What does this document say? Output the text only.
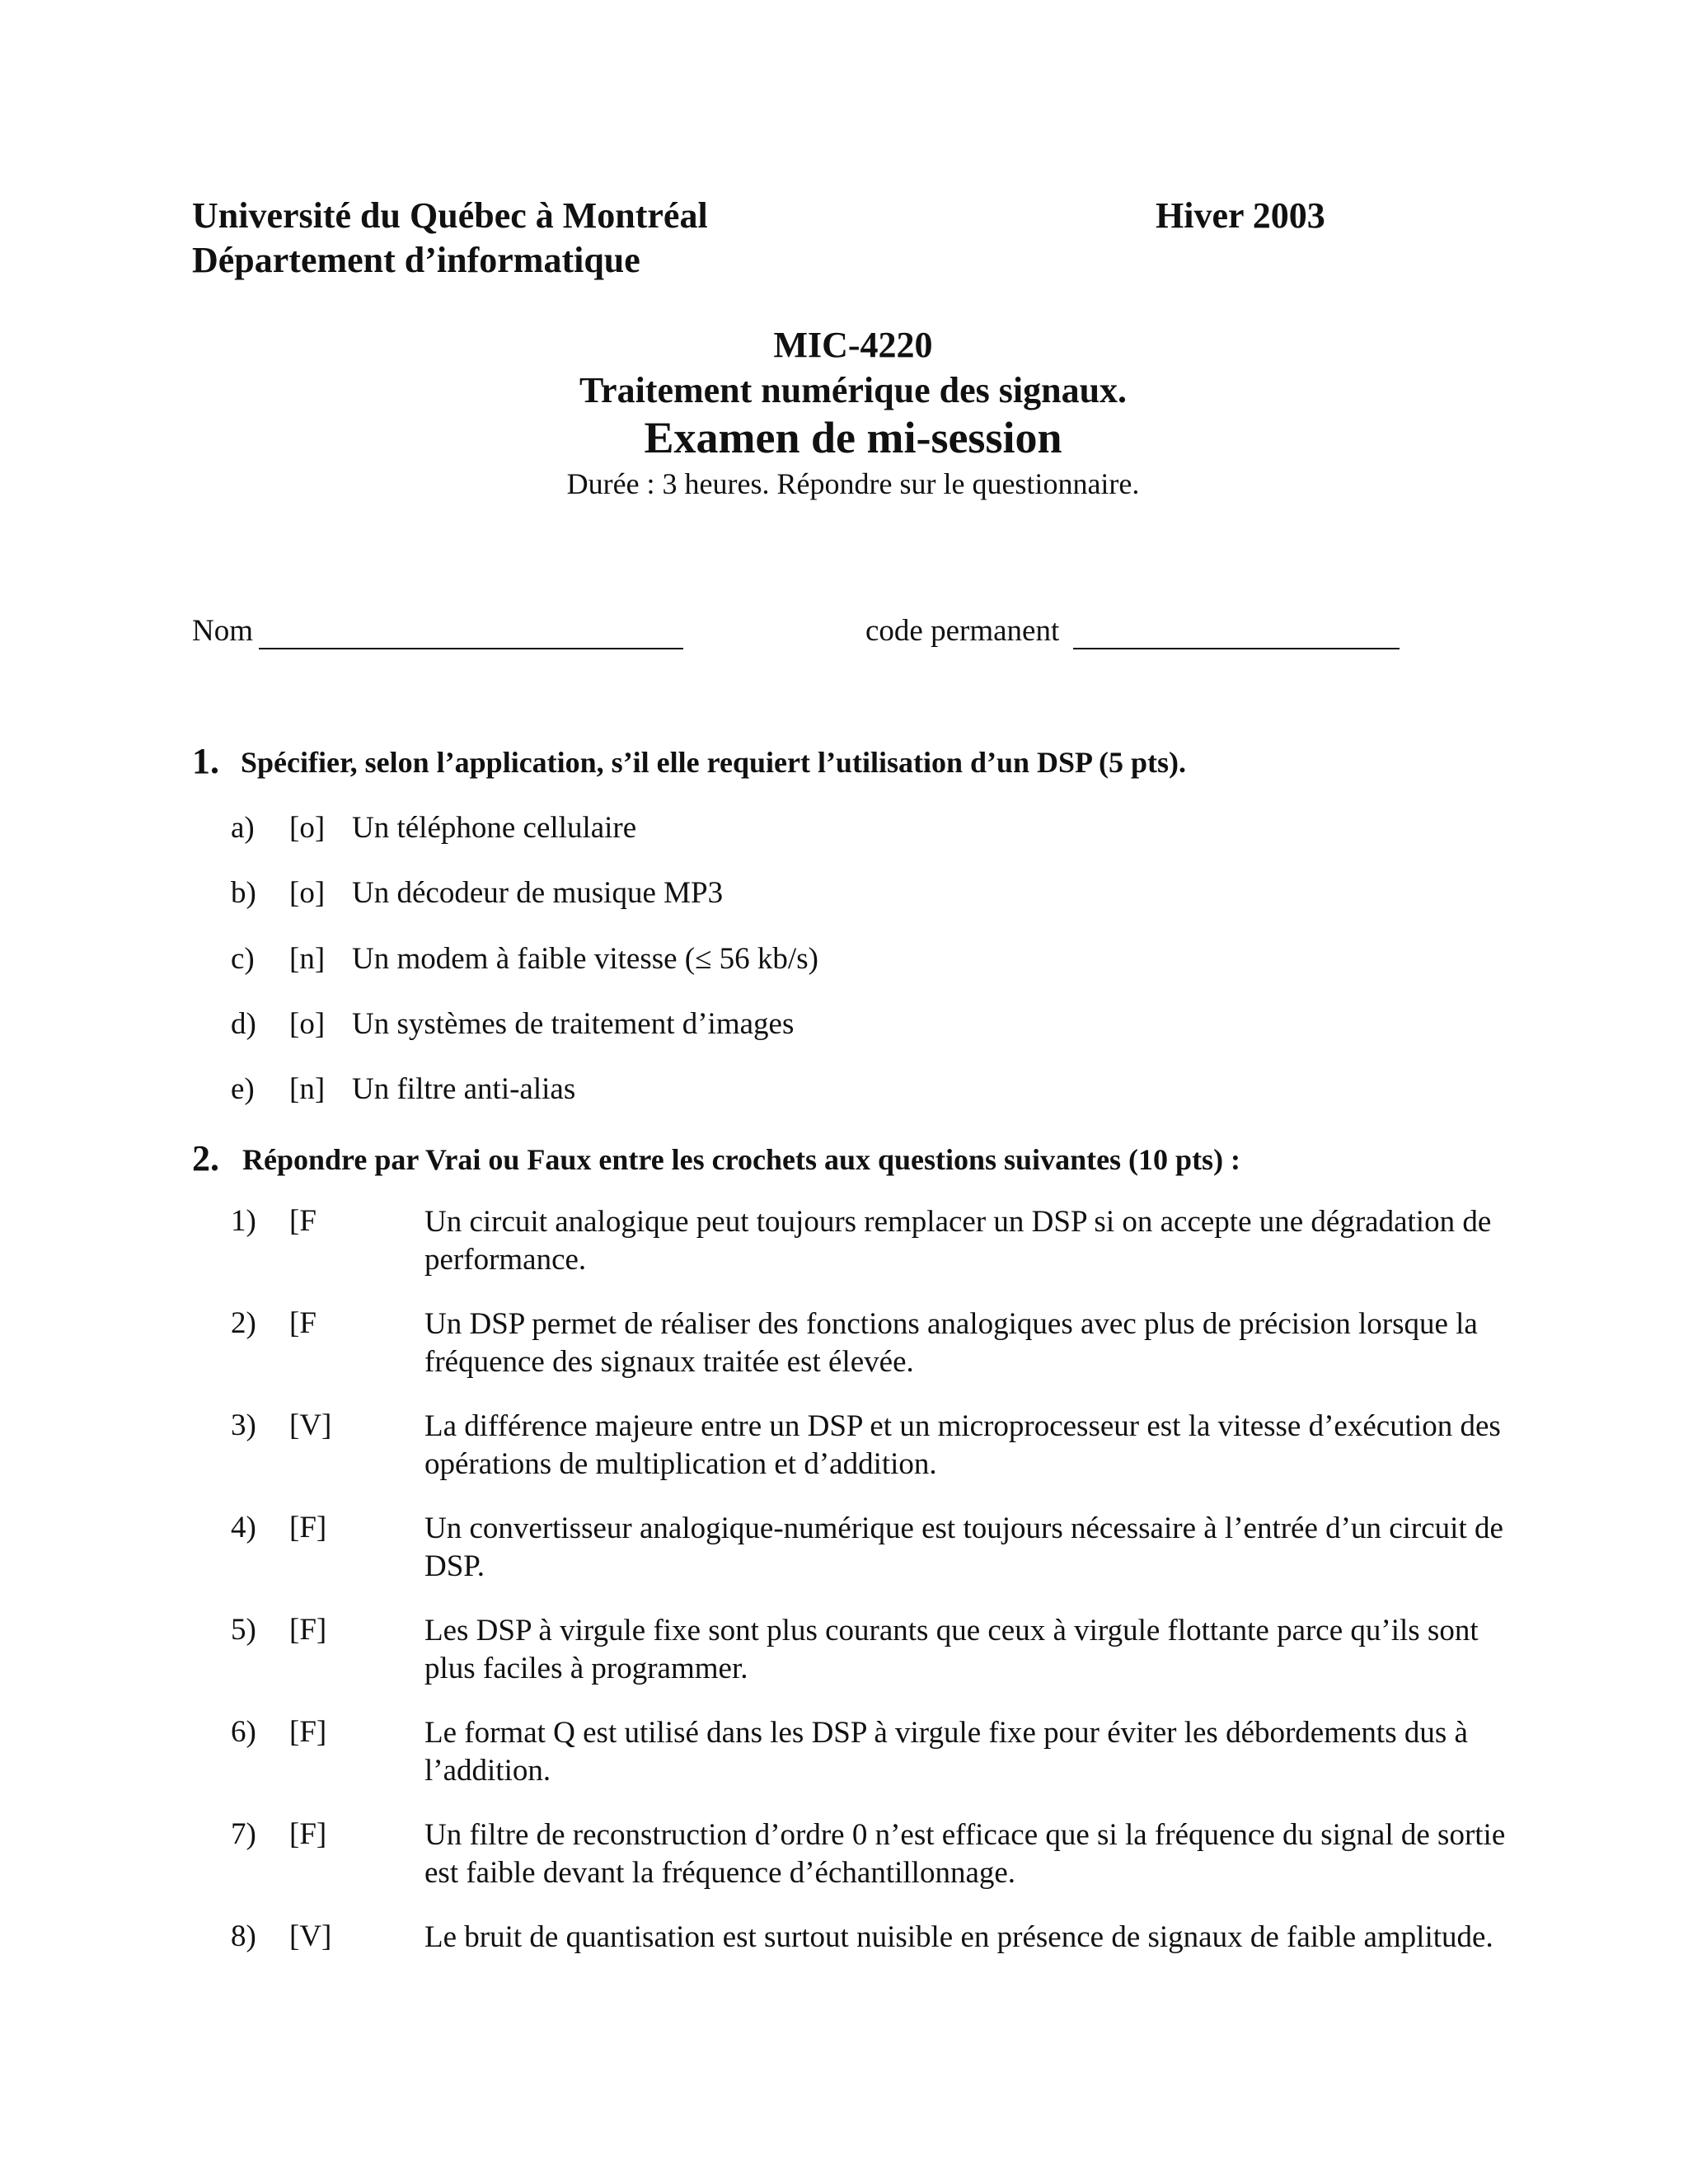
Université du Québec à Montréal
Département d’informatique
Hiver 2003
MIC-4220
Traitement numérique des signaux.
Examen de mi-session
Durée : 3 heures. Répondre sur le questionnaire.
Nom	code permanent
1. Spécifier, selon l’application, s’il elle requiert l’utilisation d’un DSP (5 pts).
a) [o] Un téléphone cellulaire
b) [o] Un décodeur de musique MP3
c) [n] Un modem à faible vitesse (≤ 56 kb/s)
d) [o] Un systèmes de traitement d’images
e) [n] Un filtre anti-alias
2. Répondre par Vrai ou Faux entre les crochets aux questions suivantes (10 pts) :
1) [F	Un circuit analogique peut toujours remplacer un DSP si on accepte une dégradation de performance.
2) [F	Un DSP permet de réaliser des fonctions analogiques avec plus de précision lorsque la fréquence des signaux traitée est élevée.
3) [V]	La différence majeure entre un DSP et un microprocesseur est la vitesse d’exécution des opérations de multiplication et d’addition.
4) [F]	Un convertisseur analogique-numérique est toujours nécessaire à l’entrée d’un circuit de DSP.
5) [F]	Les DSP à virgule fixe sont plus courants que ceux à virgule flottante parce qu’ils sont plus faciles à programmer.
6) [F]	Le format Q est utilisé dans les DSP à virgule fixe pour éviter les débordements dus à l’addition.
7) [F]	Un filtre de reconstruction d’ordre 0 n’est efficace que si la fréquence du signal de sortie est faible devant la fréquence d’échantillonnage.
8) [V]	Le bruit de quantisation est surtout nuisible en présence de signaux de faible amplitude.
